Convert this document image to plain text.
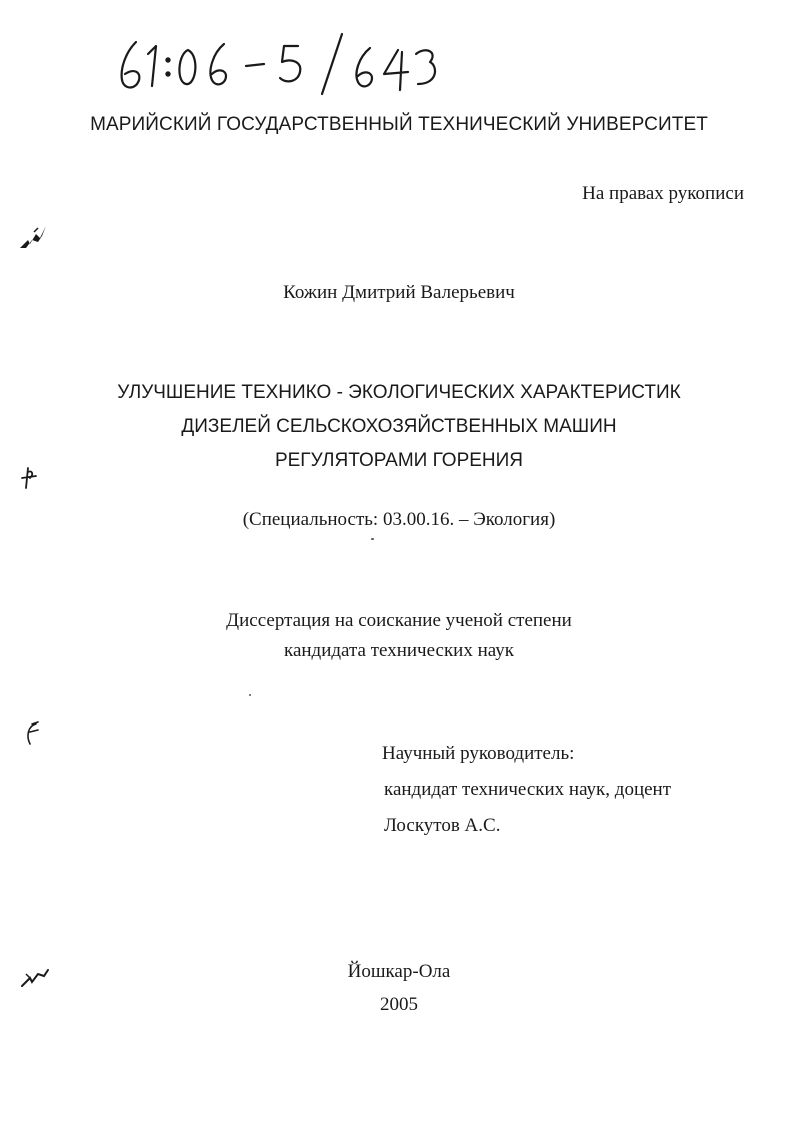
МАРИЙСКИЙ ГОСУДАРСТВЕННЫЙ ТЕХНИЧЕСКИЙ УНИВЕРСИТЕТ
На правах рукописи
Кожин Дмитрий Валерьевич
УЛУЧШЕНИЕ ТЕХНИКО - ЭКОЛОГИЧЕСКИХ ХАРАКТЕРИСТИК
ДИЗЕЛЕЙ СЕЛЬСКОХОЗЯЙСТВЕННЫХ МАШИН
РЕГУЛЯТОРАМИ ГОРЕНИЯ
(Специальность: 03.00.16. – Экология)
Диссертация на соискание ученой степени
кандидата технических наук
Научный руководитель:
кандидат технических наук, доцент
Лоскутов А.С.
Йошкар-Ола
2005
